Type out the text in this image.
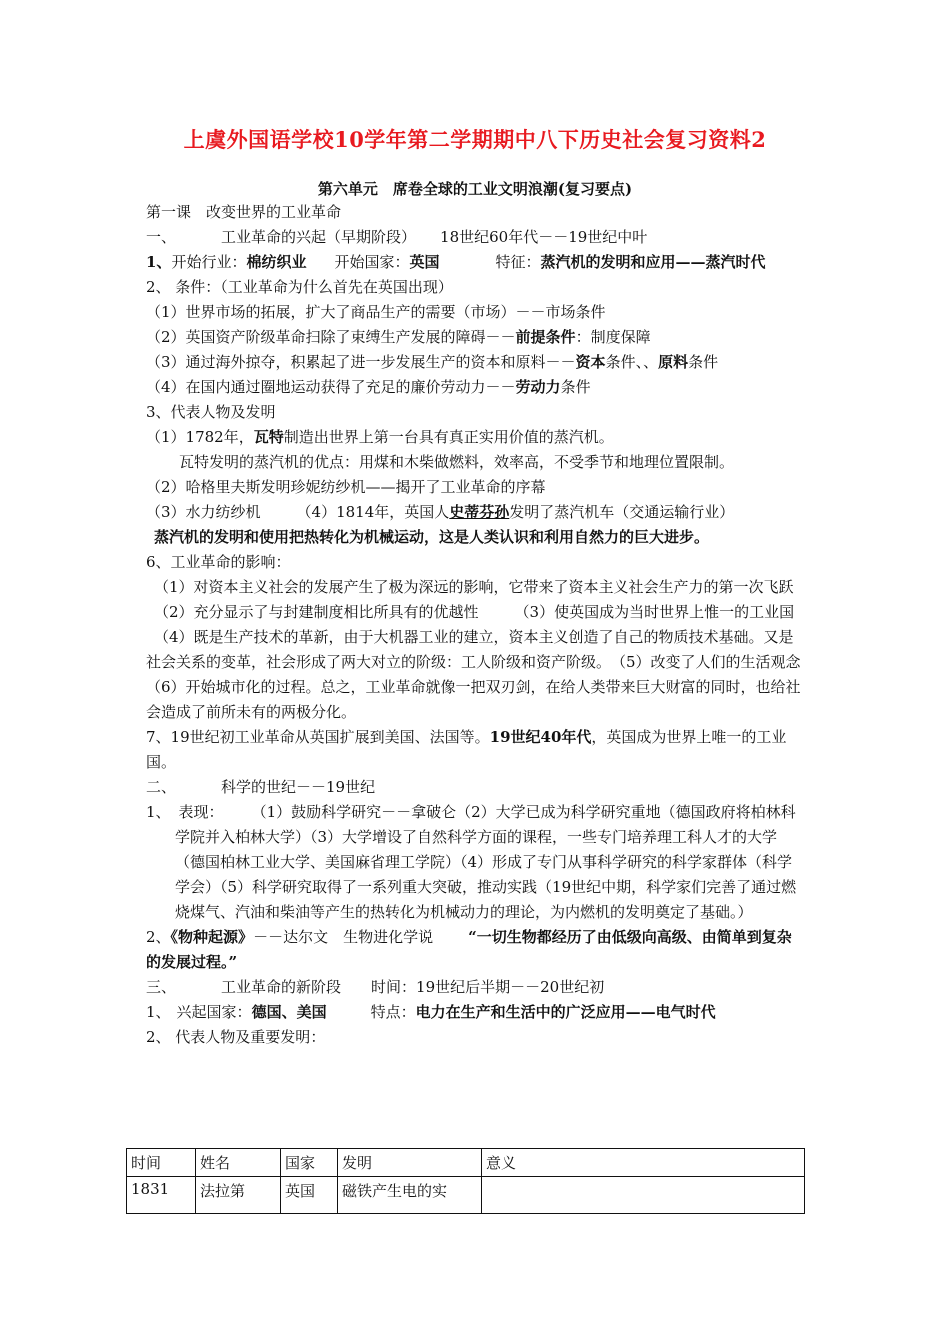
上虞外国语学校10学年第二学期期中八下历史社会复习资料2
第六单元　席卷全球的工业文明浪潮(复习要点)

第一课　改变世界的工业革命

一、	工业革命的兴起（早期阶段） 18世纪60年代－－19世纪中叶

1、开始行业：棉纺织业 开始国家：英国	特征：蒸汽机的发明和应用——蒸汽时代

2、 条件：（工业革命为什么首先在英国出现）

（1）世界市场的拓展，扩大了商品生产的需要（市场）－－市场条件

（2）英国资产阶级革命扫除了束缚生产发展的障碍－－前提条件：制度保障

（3）通过海外掠夺，积累起了进一步发展生产的资本和原料－－资本条件、、原料条件

（4）在国内通过圈地运动获得了充足的廉价劳动力－－劳动力条件

3、代表人物及发明

（1）1782年，瓦特制造出世界上第一台具有真正实用价值的蒸汽机。

瓦特发明的蒸汽机的优点：用煤和木柴做燃料，效率高，不受季节和地理位置限制。

（2）哈格里夫斯发明珍妮纺纱机——揭开了工业革命的序幕

（3）水力纺纱机 （4）1814年，英国人史蒂芬孙发明了蒸汽机车（交通运输行业）

蒸汽机的发明和使用把热转化为机械运动，这是人类认识和利用自然力的巨大进步。

6、工业革命的影响：

（1）对资本主义社会的发展产生了极为深远的影响，它带来了资本主义社会生产力的第一次飞跃

（2）充分显示了与封建制度相比所具有的优越性 （3）使英国成为当时世界上惟一的工业国

（4）既是生产技术的革新，由于大机器工业的建立，资本主义创造了自己的物质技术基础。又是社会关系的变革，社会形成了两大对立的阶级：工人阶级和资产阶级。　（5）改变了人们的生活观念　（6）开始城市化的过程。总之，工业革命就像一把双刃剑，在给人类带来巨大财富的同时，也给社会造成了前所未有的两极分化。

7、19世纪初工业革命从英国扩展到美国、法国等。19世纪40年代，英国成为世界上唯一的工业国。

二、	科学的世纪－－19世纪

1、 表现： （1）鼓励科学研究－－拿破仑（2）大学已成为科学研究重地（德国政府将柏林科学院并入柏林大学）（3）大学增设了自然科学方面的课程，一些专门培养理工科人才的大学（德国柏林工业大学、美国麻省理工学院）（4）形成了专门从事科学研究的科学家群体（科学学会）（5）科学研究取得了一系列重大突破，推动实践（19世纪中期，科学家们完善了通过燃烧煤气、汽油和柴油等产生的热转化为机械动力的理论，为内燃机的发明奠定了基础。）

2、《物种起源》－－达尔文　生物进化学说　“一切生物都经历了由低级向高级、由简单到复杂的发展过程。”

三、	工业革命的新阶段 时间：19世纪后半期－－20世纪初

1、 兴起国家：德国、美国	特点：电力在生产和生活中的广泛应用——电气时代

2、 代表人物及重要发明：

时间	姓名	国家	发明	意义
1831	法拉第	英国	磁铁产生电的实	
